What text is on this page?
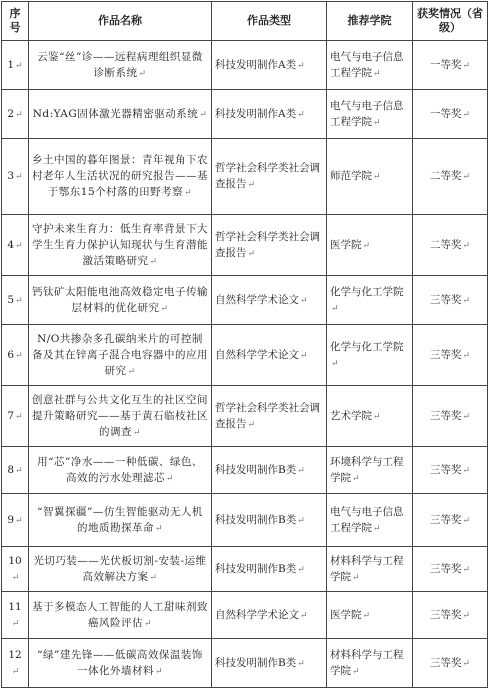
序号	作品名称	作品类型	推荐学院	获奖情况（省级）
1↵	云鉴“丝”诊——远程病理组织显微诊断系统↵	科技发明制作A类↵	电气与电子信息工程学院↵	一等奖↵
2↵	Nd:YAG固体激光器精密驱动系统↵	科技发明制作A类↵	电气与电子信息工程学院↵	一等奖↵
3↵	乡土中国的暮年图景：青年视角下农村老年人生活状况的研究报告——基于鄂东15个村落的田野考察↵	哲学社会科学类社会调查报告↵	师范学院↵	二等奖↵
4↵	守护未来生育力：低生育率背景下大学生生育力保护认知现状与生育潜能激活策略研究↵	哲学社会科学类社会调查报告↵	医学院↵	二等奖↵
5↵	钙钛矿太阳能电池高效稳定电子传输层材料的优化研究↵	自然科学学术论文↵	化学与化工学院↵	三等奖↵
6↵	N/O共掺杂多孔碳纳米片的可控制备及其在锌离子混合电容器中的应用研究↵	自然科学学术论文↵	化学与化工学院↵	三等奖↵
7↵	创意社群与公共文化互生的社区空间提升策略研究——基于黄石临枝社区的调查↵	哲学社会科学类社会调查报告↵	艺术学院↵	三等奖↵
8↵	用“芯”净水——一种低碳、绿色、高效的污水处理滤芯↵	科技发明制作B类↵	环境科学与工程学院↵	三等奖↵
9↵	“智翼探疆”—仿生智能驱动无人机的地质勘探革命↵	科技发明制作B类↵	电气与电子信息工程学院↵	三等奖↵
10↵	光切巧装——光伏板切割-安装-运维高效解决方案↵	科技发明制作B类↵	材料科学与工程学院↵	三等奖↵
11↵	基于多模态人工智能的人工甜味剂致癌风险评估↵	自然科学学术论文↵	医学院↵	三等奖↵
12↵	“绿”建先锋——低碳高效保温装饰一体化外墙材料↵	科技发明制作B类↵	材料科学与工程学院↵	三等奖↵
